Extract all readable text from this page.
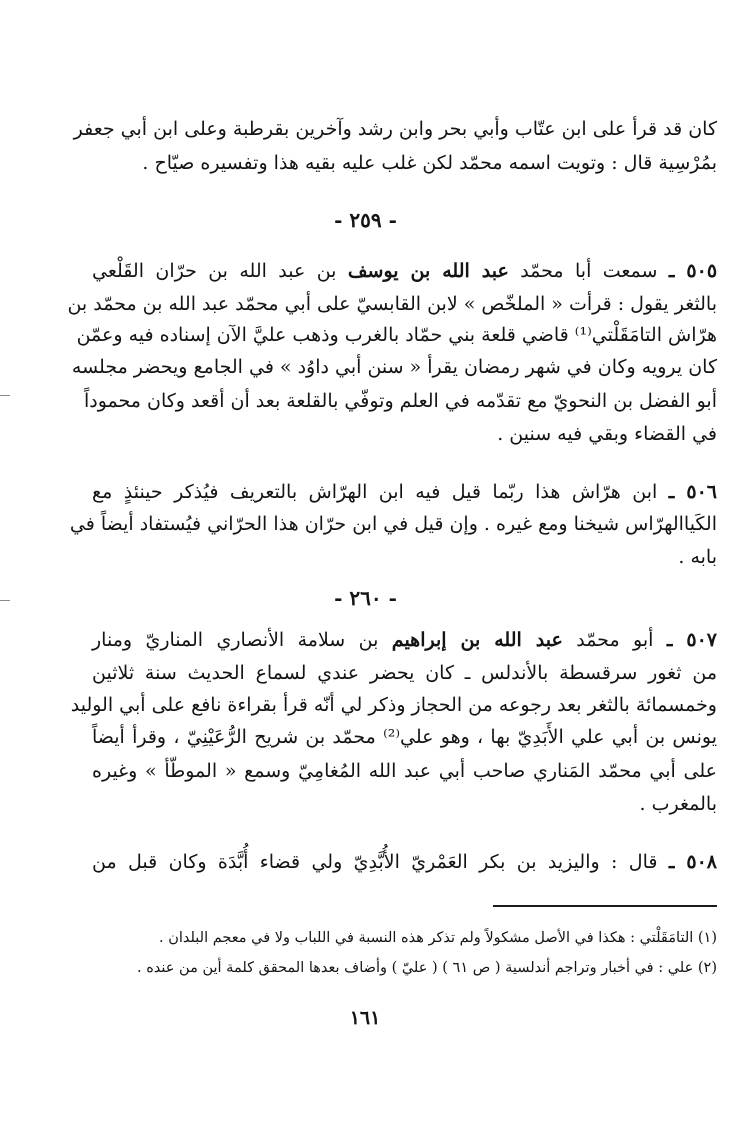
كان قد قرأ على ابن عتّاب وأبي بحر وابن رشد وآخرين بقرطبة وعلى ابن أبي جعفر
بمُرْسِية قال : وتويت اسمه محمّد لكن غلب عليه بقيه هذا وتفسيره صيّاح .
- ٢٥٩ -
٥٠٥ ـ سمعت أبا محمّد عبد الله بن يوسف بن عبد الله بن حرّان القَلْعي
بالثغر يقول : قرأت « الملخّص » لابن القابسيّ على أبي محمّد عبد الله بن محمّد بن
هرّاش التامَقَلْتي⁽¹⁾ قاضي قلعة بني حمّاد بالغرب وذهب عليَّ الآن إسناده فيه وعمّن
كان يرويه وكان في شهر رمضان يقرأ « سنن أبي داوُد » في الجامع ويحضر مجلسه
أبو الفضل بن النحويّ مع تقدّمه في العلم وتوفّي بالقلعة بعد أن أقعد وكان محموداً
في القضاء وبقي فيه سنين .
٥٠٦ ـ ابن هرّاش هذا ربّما قيل فيه ابن الهرّاش بالتعريف فيُذكر حينئذٍ مع
الكَياالهرّاس شيخنا ومع غيره . وإن قيل في ابن حرّان هذا الحرّاني فيُستفاد أيضاً في
بابه .
- ٢٦٠ -
٥٠٧ ـ أبو محمّد عبد الله بن إبراهيم بن سلامة الأنصاري المناريّ ومنار
من ثغور سرقسطة بالأندلس ـ كان يحضر عندي لسماع الحديث سنة ثلاثين
وخمسمائة بالثغر بعد رجوعه من الحجاز وذكر لي أنّه قرأ بقراءة نافع على أبي الوليد
يونس بن أبي علي الأَبَدِيّ بها ، وهو علي⁽²⁾ محمّد بن شريح الرُّعَيْنِيّ ، وقرأ أيضاً
على أبي محمّد المَناري صاحب أبي عبد الله المُغامِيّ وسمع « الموطّأ » وغيره
بالمغرب .
٥٠٨ ـ قال : واليزيد بن بكر العَمْريّ الأُبَّدِيّ ولي قضاء أُبَّدَة وكان قبل من
(١) التامَقَلْتي : هكذا في الأصل مشكولاً ولم تذكر هذه النسبة في اللباب ولا في معجم البلدان .
(٢) علي : في أخبار وتراجم أندلسية ( ص ٦١ ) ( عليّ ) وأضاف بعدها المحقق كلمة أين من عنده .
١٦١
